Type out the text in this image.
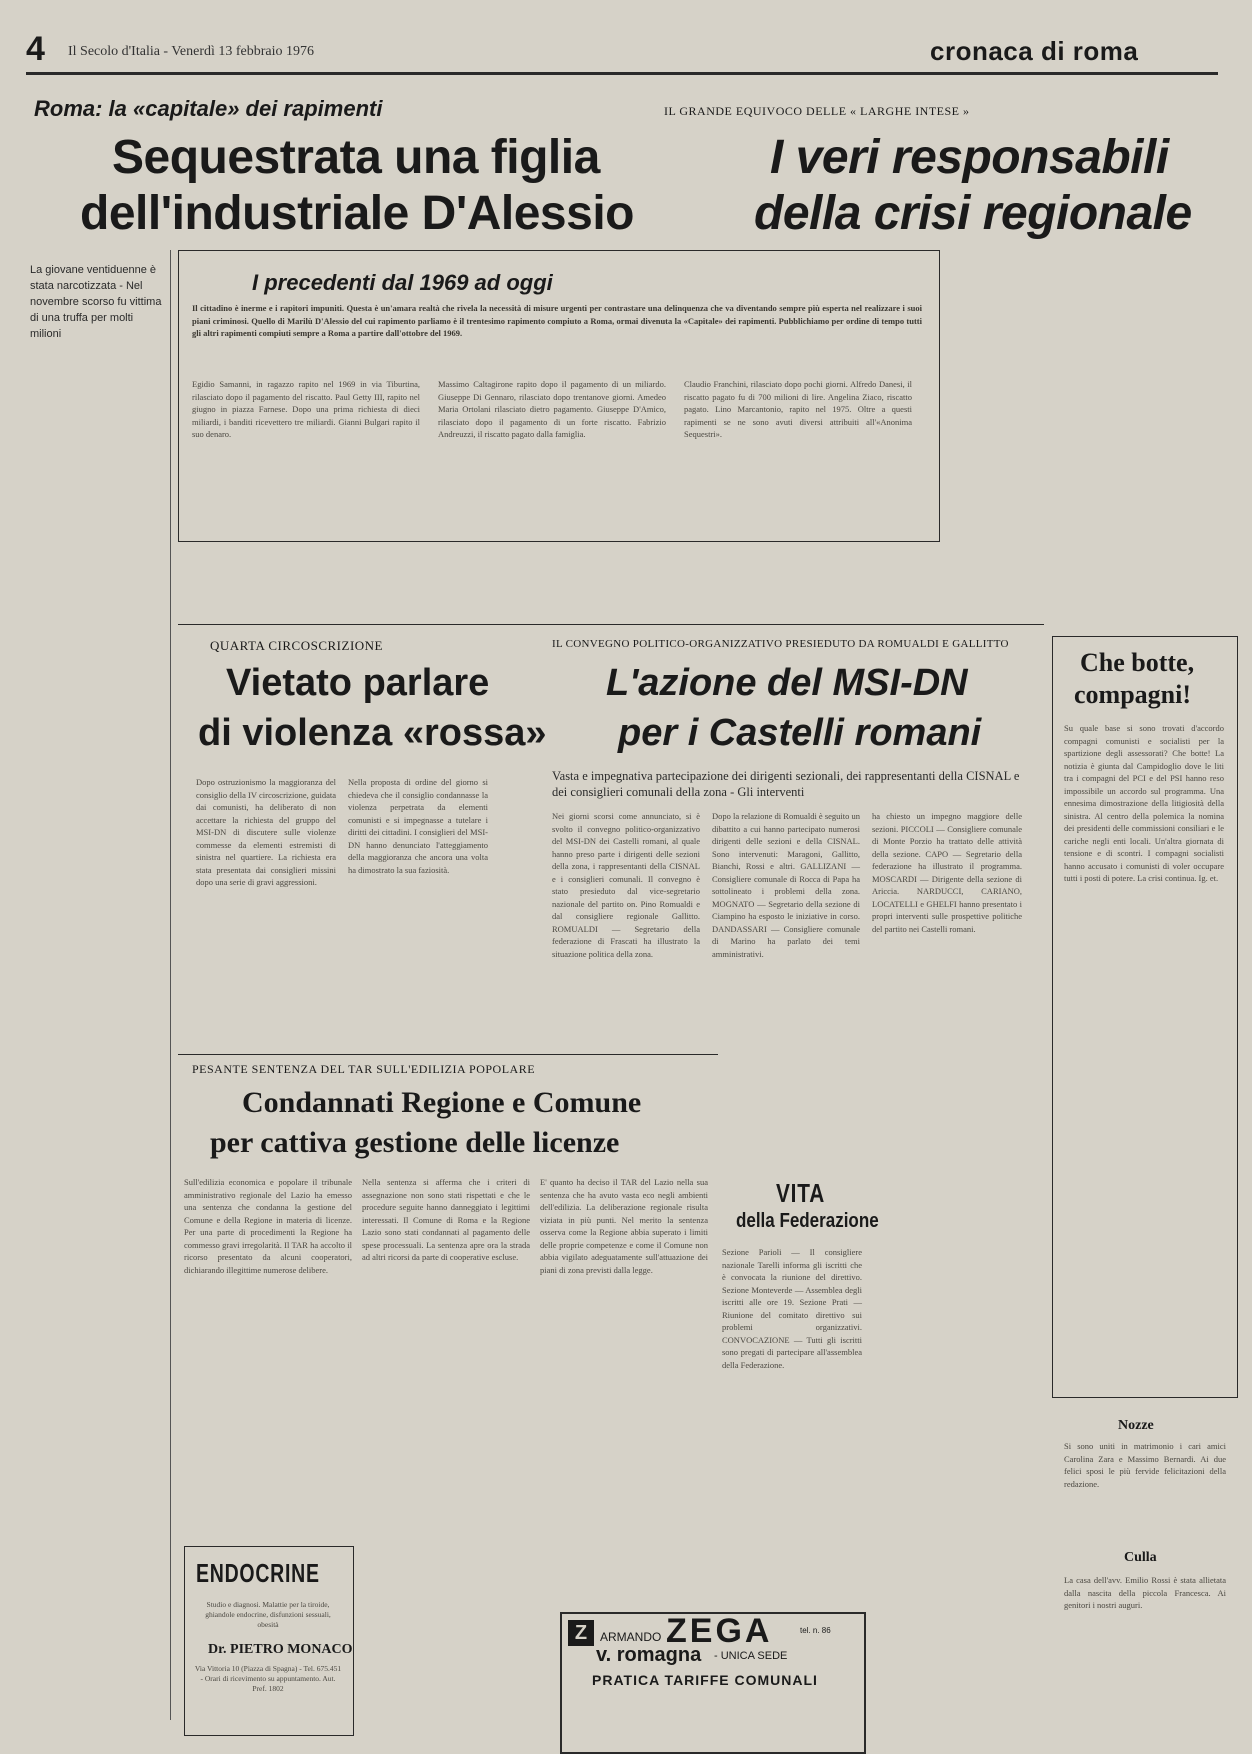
4 Il Secolo d'Italia - Venerdì 13 febbraio 1976	cronaca di roma
Roma: la «capitale» dei rapimenti
Sequestrata una figlia
dell'industriale D'Alessio
La giovane ventiduenne è stata narcotizzata - Nel novembre scorso fu vittima di una truffa per molti milioni
I precedenti dal 1969 ad oggi
Il cittadino è inerme e i rapitori impuniti. Questa è un'amara realtà che rivela la necessità di misure urgenti per contrastare una delinquenza che va diventando sempre più esperta nel realizzare i suoi piani criminosi. Quello di Marilù D'Alessio del cui rapimento parliamo è il trentesimo rapimento compiuto a Roma, ormai divenuta la «Capitale» dei rapimenti. Pubblichiamo per ordine di tempo tutti gli altri rapimenti compiuti sempre a Roma a partire dall'ottobre del 1969.
Egidio Samanni, in ragazzo rapito nel 1969 in via Tiburtina, rilasciato dopo il pagamento del riscatto. Paul Getty III, rapito nel giugno in piazza Farnese. Dopo una prima richiesta di dieci miliardi, i banditi ricevettero tre miliardi. Gianni Bulgari rapito il suo denaro.
Massimo Caltagirone rapito dopo il pagamento di un miliardo. Giuseppe Di Gennaro, rilasciato dopo trentanove giorni. Amedeo Maria Ortolani rilasciato dietro pagamento. Giuseppe D'Amico, rilasciato dopo il pagamento di un forte riscatto. Fabrizio Andreuzzi, il riscatto pagato dalla famiglia.
Claudio Franchini, rilasciato dopo pochi giorni. Alfredo Danesi, il riscatto pagato fu di 700 milioni di lire. Angelina Ziaco, riscatto pagato. Lino Marcantonio, rapito nel 1975. Oltre a questi rapimenti se ne sono avuti diversi attribuiti all'«Anonima Sequestri».
IL GRANDE EQUIVOCO DELLE « LARGHE INTESE »
I veri responsabili
della crisi regionale
QUARTA CIRCOSCRIZIONE
Vietato parlare
di violenza «rossa»
Dopo ostruzionismo la maggioranza del consiglio della IV circoscrizione, guidata dai comunisti, ha deliberato di non accettare la richiesta del gruppo del MSI-DN di discutere sulle violenze commesse da elementi estremisti di sinistra nel quartiere. La richiesta era stata presentata dai consiglieri missini dopo una serie di gravi aggressioni.
Nella proposta di ordine del giorno si chiedeva che il consiglio condannasse la violenza perpetrata da elementi comunisti e si impegnasse a tutelare i diritti dei cittadini. I consiglieri del MSI-DN hanno denunciato l'atteggiamento della maggioranza che ancora una volta ha dimostrato la sua faziosità.
IL CONVEGNO POLITICO-ORGANIZZATIVO PRESIEDUTO DA ROMUALDI E GALLITTO
L'azione del MSI-DN
per i Castelli romani
Vasta e impegnativa partecipazione dei dirigenti sezionali, dei rappresentanti della CISNAL e dei consiglieri comunali della zona - Gli interventi
Nei giorni scorsi come annunciato, si è svolto il convegno politico-organizzativo del MSI-DN dei Castelli romani, al quale hanno preso parte i dirigenti delle sezioni della zona, i rappresentanti della CISNAL e i consiglieri comunali. Il convegno è stato presieduto dal vice-segretario nazionale del partito on. Pino Romualdi e dal consigliere regionale Gallitto. ROMUALDI — Segretario della federazione di Frascati ha illustrato la situazione politica della zona.
Dopo la relazione di Romualdi è seguito un dibattito a cui hanno partecipato numerosi dirigenti delle sezioni e della CISNAL. Sono intervenuti: Maragoni, Gallitto, Bianchi, Rossi e altri. GALLIZANI — Consigliere comunale di Rocca di Papa ha sottolineato i problemi della zona. MOGNATO — Segretario della sezione di Ciampino ha esposto le iniziative in corso. DANDASSARI — Consigliere comunale di Marino ha parlato dei temi amministrativi.
ha chiesto un impegno maggiore delle sezioni. PICCOLI — Consigliere comunale di Monte Porzio ha trattato delle attività della sezione. CAPO — Segretario della federazione ha illustrato il programma. MOSCARDI — Dirigente della sezione di Ariccia. NARDUCCI, CARIANO, LOCATELLI e GHELFI hanno presentato i propri interventi sulle prospettive politiche del partito nei Castelli romani.
Che botte,
compagni!
Su quale base si sono trovati d'accordo compagni comunisti e socialisti per la spartizione degli assessorati? Che botte! La notizia è giunta dal Campidoglio dove le liti tra i compagni del PCI e del PSI hanno reso impossibile un accordo sul programma. Una ennesima dimostrazione della litigiosità della sinistra. Al centro della polemica la nomina dei presidenti delle commissioni consiliari e le cariche negli enti locali. Un'altra giornata di tensione e di scontri. I compagni socialisti hanno accusato i comunisti di voler occupare tutti i posti di potere. La crisi continua. Ig. et.
PESANTE SENTENZA DEL TAR SULL'EDILIZIA POPOLARE
Condannati Regione e Comune
per cattiva gestione delle licenze
Sull'edilizia economica e popolare il tribunale amministrativo regionale del Lazio ha emesso una sentenza che condanna la gestione del Comune e della Regione in materia di licenze. Per una parte di procedimenti la Regione ha commesso gravi irregolarità. Il TAR ha accolto il ricorso presentato da alcuni cooperatori, dichiarando illegittime numerose delibere.
Nella sentenza si afferma che i criteri di assegnazione non sono stati rispettati e che le procedure seguite hanno danneggiato i legittimi interessati. Il Comune di Roma e la Regione Lazio sono stati condannati al pagamento delle spese processuali. La sentenza apre ora la strada ad altri ricorsi da parte di cooperative escluse.
E' quanto ha deciso il TAR del Lazio nella sua sentenza che ha avuto vasta eco negli ambienti dell'edilizia. La deliberazione regionale risulta viziata in più punti. Nel merito la sentenza osserva come la Regione abbia superato i limiti delle proprie competenze e come il Comune non abbia vigilato adeguatamente sull'attuazione dei piani di zona previsti dalla legge.
VITA
della Federazione
Sezione Parioli — Il consigliere nazionale Tarelli informa gli iscritti che è convocata la riunione del direttivo. Sezione Monteverde — Assemblea degli iscritti alle ore 19. Sezione Prati — Riunione del comitato direttivo sui problemi organizzativi. CONVOCAZIONE — Tutti gli iscritti sono pregati di partecipare all'assemblea della Federazione.
Z	ARMANDO ZEGA	tel. n. 86
v. romagna - UNICA SEDE
PRATICA TARIFFE COMUNALI
ENDOCRINE
Studio e diagnosi. Malattie per la tiroide, ghiandole endocrine, disfunzioni sessuali, obesità
Dr. PIETRO MONACO
Via Vittoria 10 (Piazza di Spagna) - Tel. 675.451 - Orari di ricevimento su appuntamento. Aut. Pref. 1802
Nozze
Si sono uniti in matrimonio i cari amici Carolina Zara e Massimo Bernardi. Ai due felici sposi le più fervide felicitazioni della redazione.
Culla
La casa dell'avv. Emilio Rossi è stata allietata dalla nascita della piccola Francesca. Ai genitori i nostri auguri.
